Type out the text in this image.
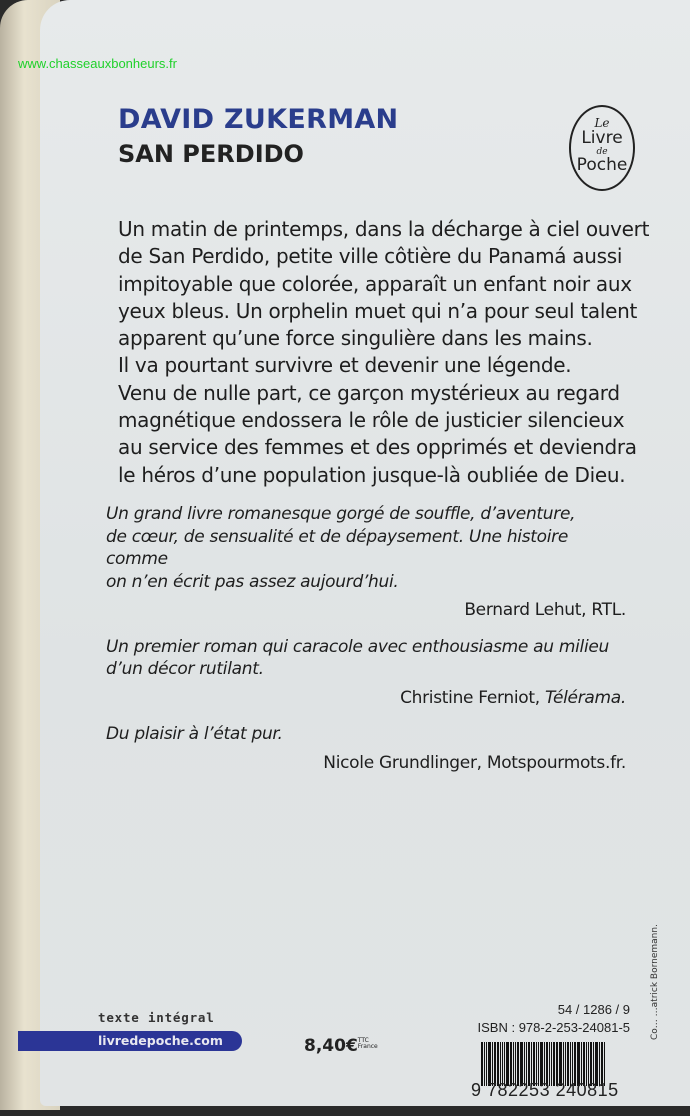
www.chasseauxbonheurs.fr
DAVID ZUKERMAN
SAN PERDIDO
Le
Livre
de
Poche
Un matin de printemps, dans la décharge à ciel ouvert
de San Perdido, petite ville côtière du Panamá aussi
impitoyable que colorée, apparaît un enfant noir aux
yeux bleus. Un orphelin muet qui n’a pour seul talent
apparent qu’une force singulière dans les mains.
Il va pourtant survivre et devenir une légende.
Venu de nulle part, ce garçon mystérieux au regard
magnétique endossera le rôle de justicier silencieux
au service des femmes et des opprimés et deviendra
le héros d’une population jusque-là oubliée de Dieu.
Un grand livre romanesque gorgé de souffle, d’aventure,
de cœur, de sensualité et de dépaysement. Une histoire comme
on n’en écrit pas assez aujourd’hui.
Bernard Lehut, RTL.
Un premier roman qui caracole avec enthousiasme au milieu
d’un décor rutilant.
Christine Ferniot, Télérama.
Du plaisir à l’état pur.
Nicole Grundlinger, Motspourmots.fr.
texte intégral
livredepoche.com	8,40€TTC
France
54 / 1286 / 9
ISBN : 978-2-253-24081-5
9 782253 240815
Co… …atrick Bornemann.
